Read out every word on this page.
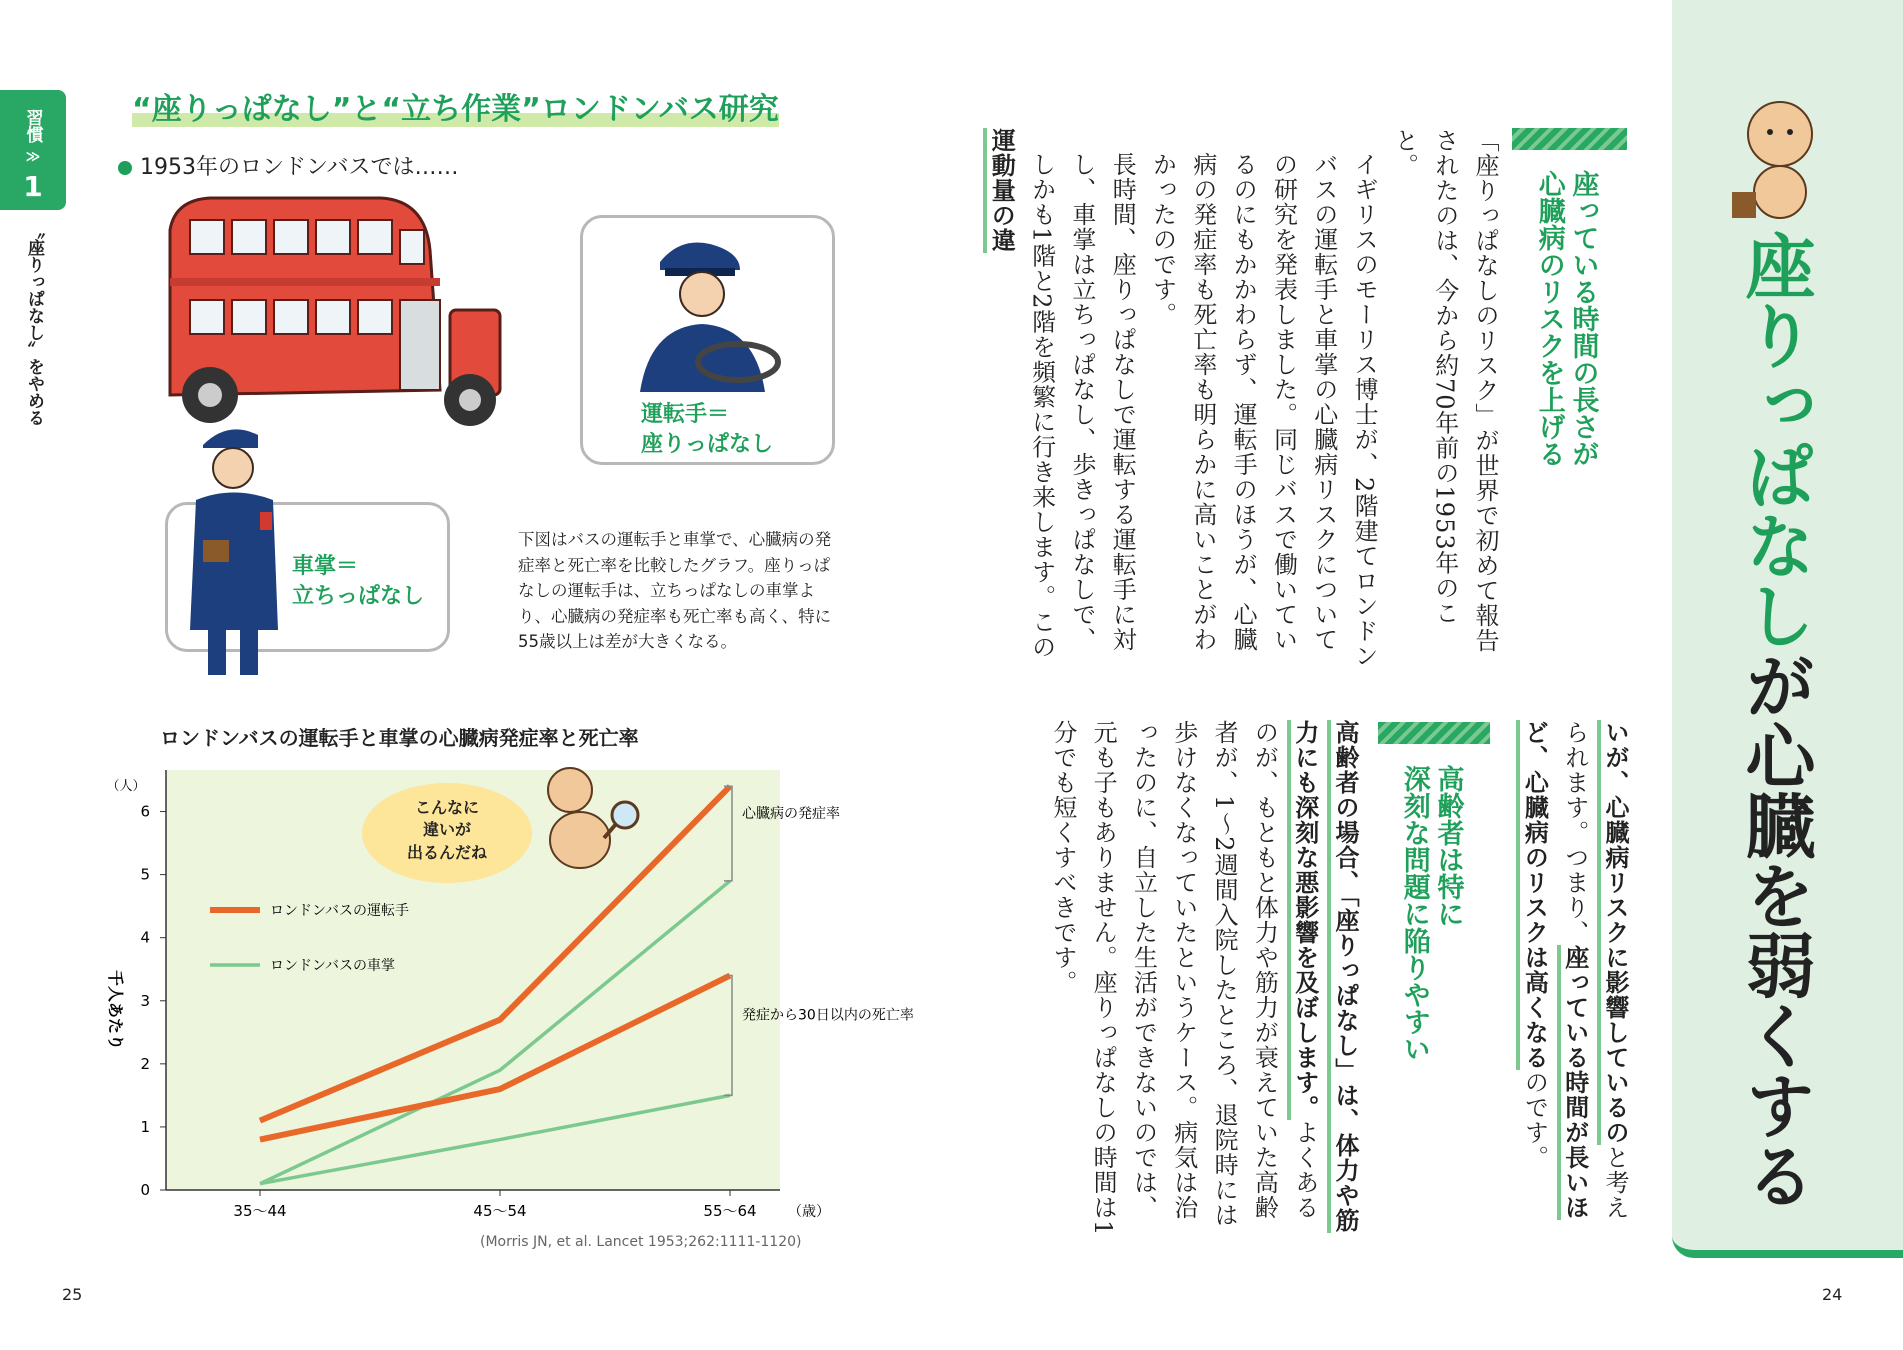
習慣
≫
1
〝座りっぱなし〟をやめる
“座りっぱなし”と“立ち作業”ロンドンバス研究
1953年のロンドンバスでは……
運転手＝
座りっぱなし
車掌＝
立ちっぱなし
下図はバスの運転手と車掌で、心臓病の発症率と死亡率を比較したグラフ。座りっぱなしの運転手は、立ちっぱなしの車掌より、心臓病の発症率も死亡率も高く、特に55歳以上は差が大きくなる。
ロンドンバスの運転手と車掌の心臓病発症率と死亡率
0
1
2
3
4
5
6
（人）
千人あたり
35～44	45～54	55～64 （歳）
ロンドンバスの運転手
ロンドンバスの車掌
心臓病の発症率
発症から30日以内の死亡率
こんなに
違いが
出るんだね
(Morris JN, et al. Lancet 1953;262:1111-1120)
25
座りっぱなしが心臓を弱くする
座っている時間の長さが
心臓病のリスクを上げる
「座りっぱなしのリスク」が世界で初めて報告されたのは、今から約70年前の1953年のこと。
イギリスのモーリス博士が、2階建てロンドンバスの運転手と車掌の心臓病リスクについての研究を発表しました。同じバスで働いているのにもかかわらず、運転手のほうが、心臓病の発症率も死亡率も明らかに高いことがわかったのです。
長時間、座りっぱなしで運転する運転手に対し、車掌は立ちっぱなし、歩きっぱなしで、しかも1階と2階を頻繁に行き来します。この運動量の違
いが、心臓病リスクに影響しているのと考えられます。つまり、座っている時間が長いほど、心臓病のリスクは高くなるのです。
高齢者は特に
深刻な問題に陥りやすい
高齢者の場合、「座りっぱなし」は、体力や筋力にも深刻な悪影響を及ぼします。よくあるのが、もともと体力や筋力が衰えていた高齢者が、1～2週間入院したところ、退院時には歩けなくなっていたというケース。病気は治ったのに、自立した生活ができないのでは、元も子もありません。座りっぱなしの時間は1分でも短くすべきです。
24
